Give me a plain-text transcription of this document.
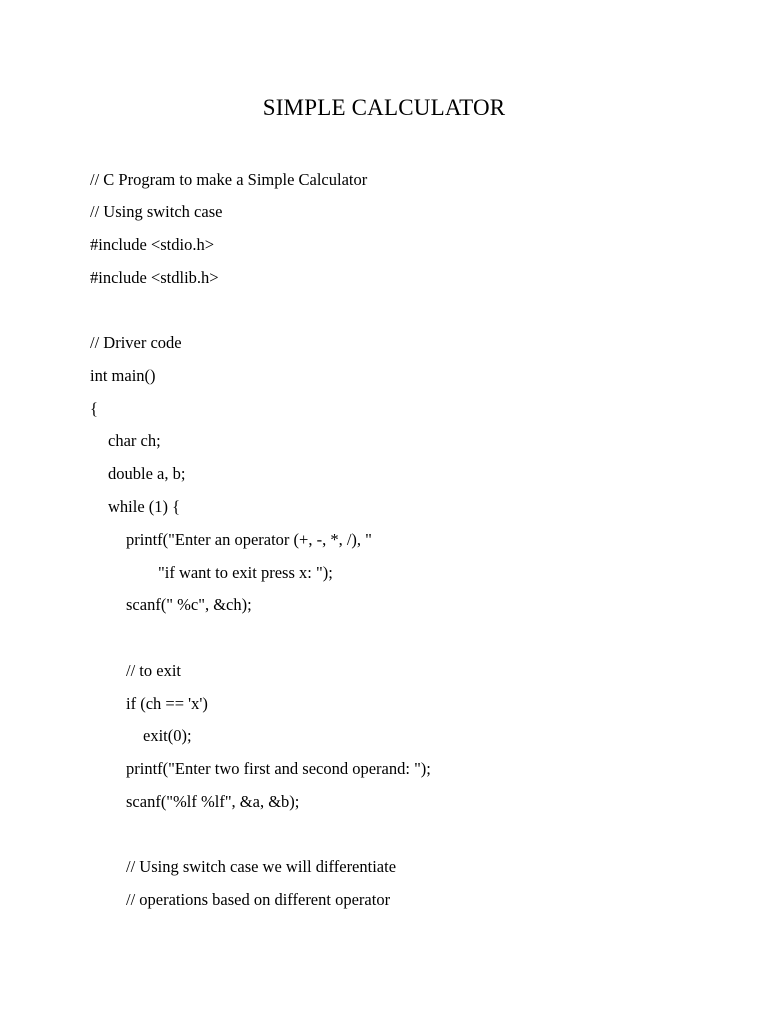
SIMPLE CALCULATOR
// C Program to make a Simple Calculator
// Using switch case
#include <stdio.h>
#include <stdlib.h>
// Driver code
int main()
{
char ch;
double a, b;
while (1) {
printf("Enter an operator (+, -, *, /), "
"if want to exit press x: ");
scanf(" %c", &ch);
// to exit
if (ch == 'x')
exit(0);
printf("Enter two first and second operand: ");
scanf("%lf %lf", &a, &b);
// Using switch case we will differentiate
// operations based on different operator
